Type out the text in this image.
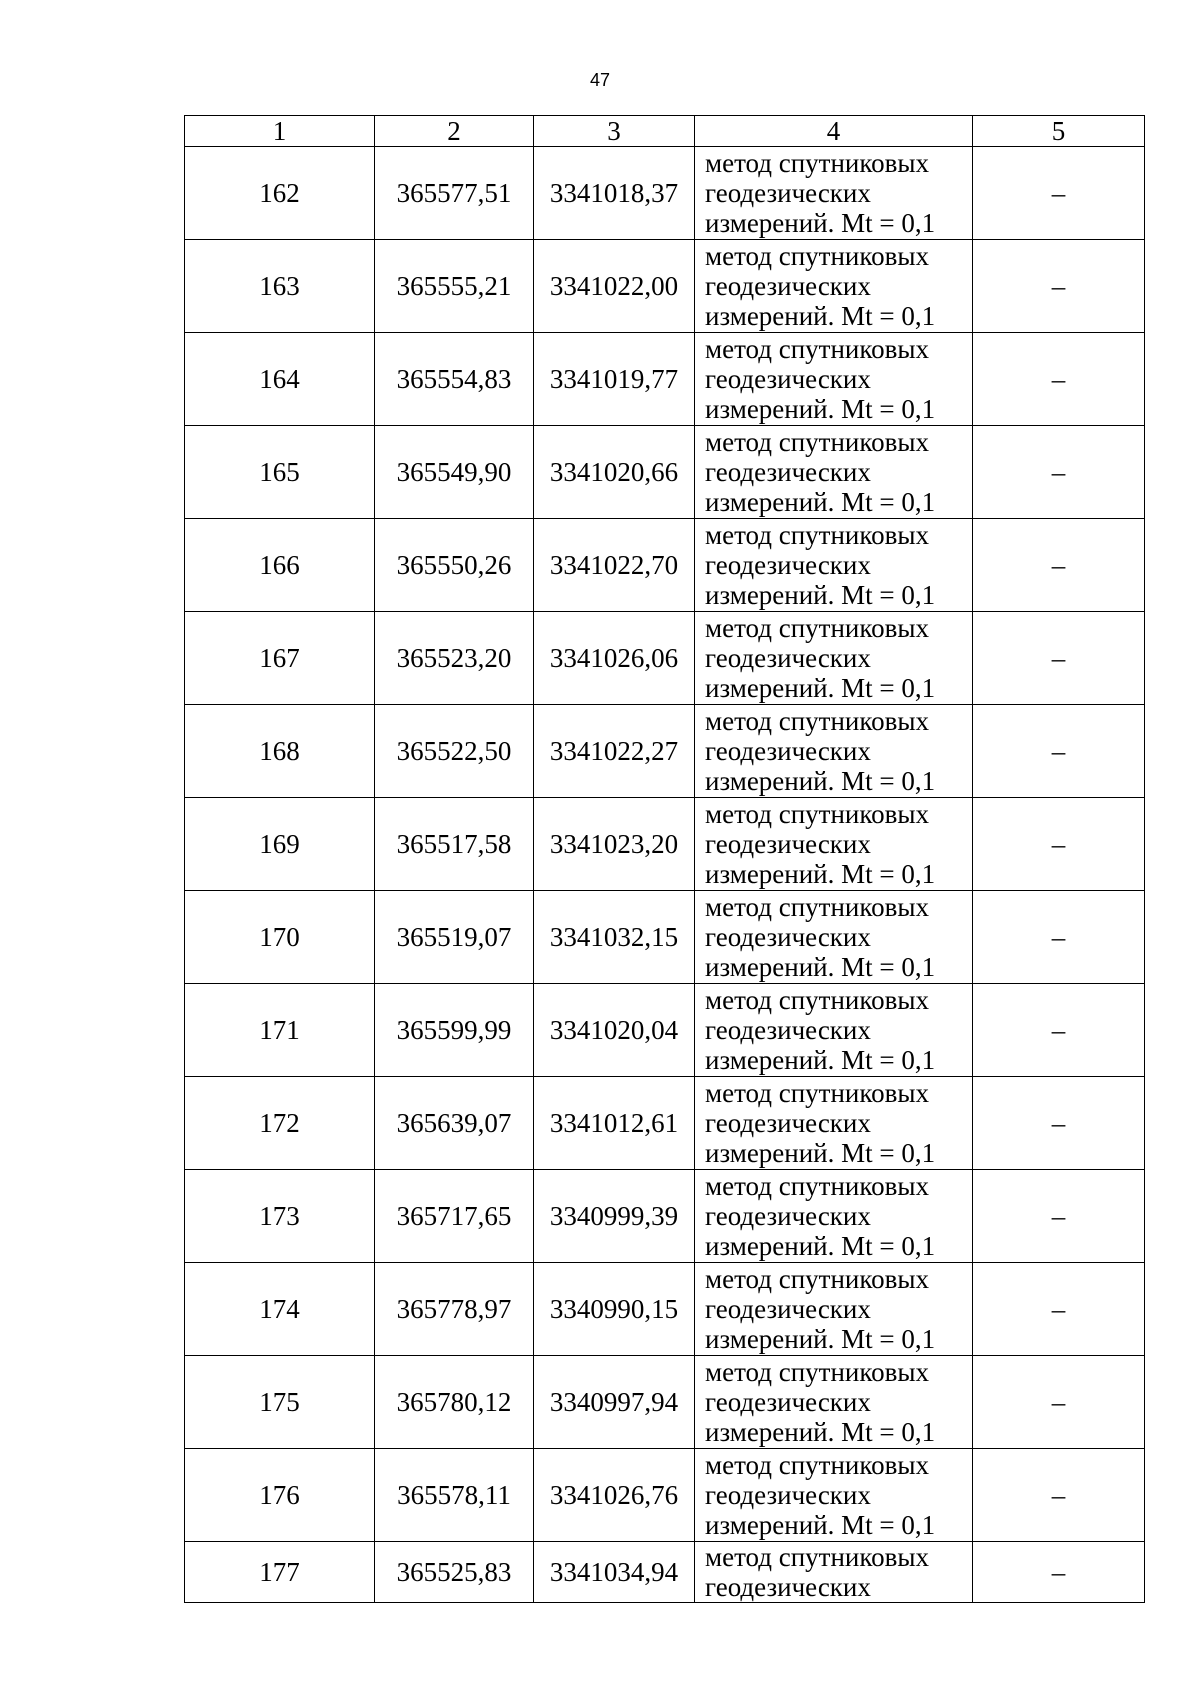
47
1	2	3	4	5
162	365577,51	3341018,37	метод спутниковых
геодезических
измерений. Mt = 0,1	–
163	365555,21	3341022,00	метод спутниковых
геодезических
измерений. Mt = 0,1	–
164	365554,83	3341019,77	метод спутниковых
геодезических
измерений. Mt = 0,1	–
165	365549,90	3341020,66	метод спутниковых
геодезических
измерений. Mt = 0,1	–
166	365550,26	3341022,70	метод спутниковых
геодезических
измерений. Mt = 0,1	–
167	365523,20	3341026,06	метод спутниковых
геодезических
измерений. Mt = 0,1	–
168	365522,50	3341022,27	метод спутниковых
геодезических
измерений. Mt = 0,1	–
169	365517,58	3341023,20	метод спутниковых
геодезических
измерений. Mt = 0,1	–
170	365519,07	3341032,15	метод спутниковых
геодезических
измерений. Mt = 0,1	–
171	365599,99	3341020,04	метод спутниковых
геодезических
измерений. Mt = 0,1	–
172	365639,07	3341012,61	метод спутниковых
геодезических
измерений. Mt = 0,1	–
173	365717,65	3340999,39	метод спутниковых
геодезических
измерений. Mt = 0,1	–
174	365778,97	3340990,15	метод спутниковых
геодезических
измерений. Mt = 0,1	–
175	365780,12	3340997,94	метод спутниковых
геодезических
измерений. Mt = 0,1	–
176	365578,11	3341026,76	метод спутниковых
геодезических
измерений. Mt = 0,1	–
177	365525,83	3341034,94	метод спутниковых
геодезических	–
